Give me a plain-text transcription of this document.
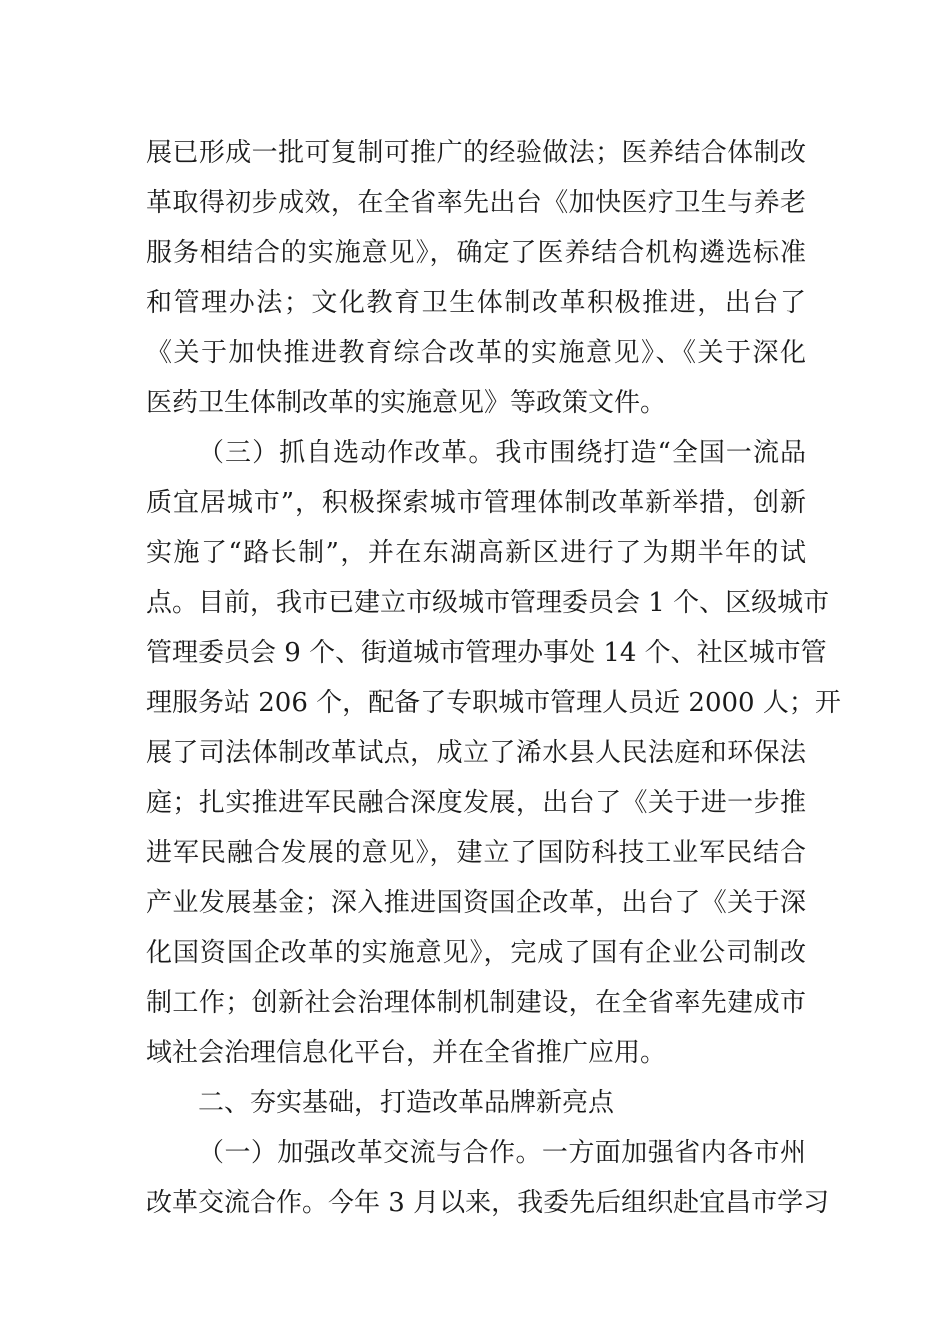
展已形成一批可复制可推广的经验做法；医养结合体制改
革取得初步成效，在全省率先出台《加快医疗卫生与养老
服务相结合的实施意见》，确定了医养结合机构遴选标准
和管理办法；文化教育卫生体制改革积极推进，出台了
《关于加快推进教育综合改革的实施意见》、《关于深化
医药卫生体制改革的实施意见》等政策文件。
（三）抓自选动作改革。我市围绕打造“全国一流品
质宜居城市”，积极探索城市管理体制改革新举措，创新
实施了“路长制”，并在东湖高新区进行了为期半年的试
点。目前，我市已建立市级城市管理委员会 1 个、区级城市
管理委员会 9 个、街道城市管理办事处 14 个、社区城市管
理服务站 206 个，配备了专职城市管理人员近 2000 人；开
展了司法体制改革试点，成立了浠水县人民法庭和环保法
庭；扎实推进军民融合深度发展，出台了《关于进一步推
进军民融合发展的意见》，建立了国防科技工业军民结合
产业发展基金；深入推进国资国企改革，出台了《关于深
化国资国企改革的实施意见》，完成了国有企业公司制改
制工作；创新社会治理体制机制建设，在全省率先建成市
域社会治理信息化平台，并在全省推广应用。
二、夯实基础，打造改革品牌新亮点
（一）加强改革交流与合作。一方面加强省内各市州
改革交流合作。今年 3 月以来，我委先后组织赴宜昌市学习
